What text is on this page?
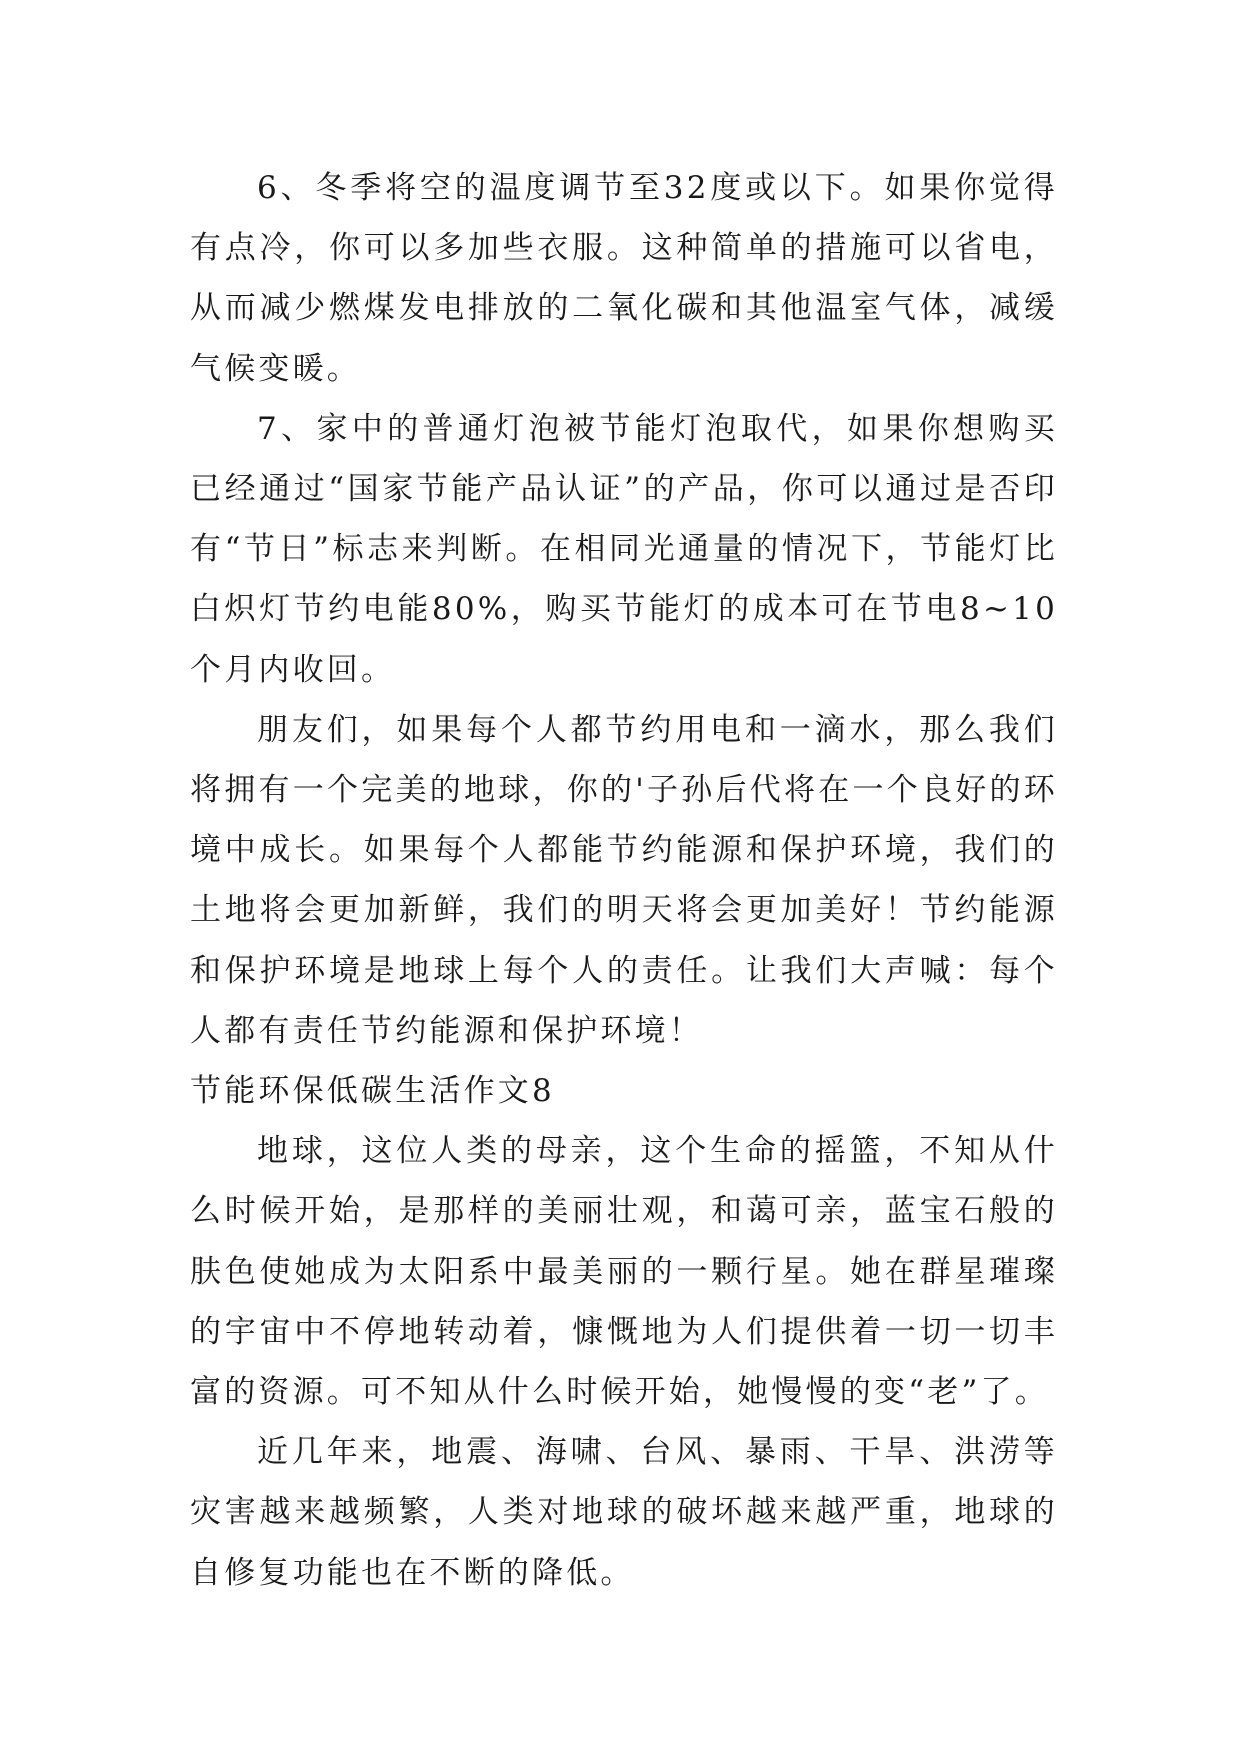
6、冬季将空的温度调节至32度或以下。如果你觉得有点冷，你可以多加些衣服。这种简单的措施可以省电，从而减少燃煤发电排放的二氧化碳和其他温室气体，减缓气候变暖。

7、家中的普通灯泡被节能灯泡取代，如果你想购买已经通过“国家节能产品认证”的产品，你可以通过是否印有“节日”标志来判断。在相同光通量的情况下，节能灯比白炽灯节约电能80%，购买节能灯的成本可在节电8~10个月内收回。

朋友们，如果每个人都节约用电和一滴水，那么我们将拥有一个完美的地球，你的'子孙后代将在一个良好的环境中成长。如果每个人都能节约能源和保护环境，我们的土地将会更加新鲜，我们的明天将会更加美好！节约能源和保护环境是地球上每个人的责任。让我们大声喊：每个人都有责任节约能源和保护环境！

节能环保低碳生活作文8

地球，这位人类的母亲，这个生命的摇篮，不知从什么时候开始，是那样的美丽壮观，和蔼可亲，蓝宝石般的肤色使她成为太阳系中最美丽的一颗行星。她在群星璀璨的宇宙中不停地转动着，慷慨地为人们提供着一切一切丰富的资源。可不知从什么时候开始，她慢慢的变“老”了。

近几年来，地震、海啸、台风、暴雨、干旱、洪涝等灾害越来越频繁，人类对地球的破坏越来越严重，地球的自修复功能也在不断的降低。
